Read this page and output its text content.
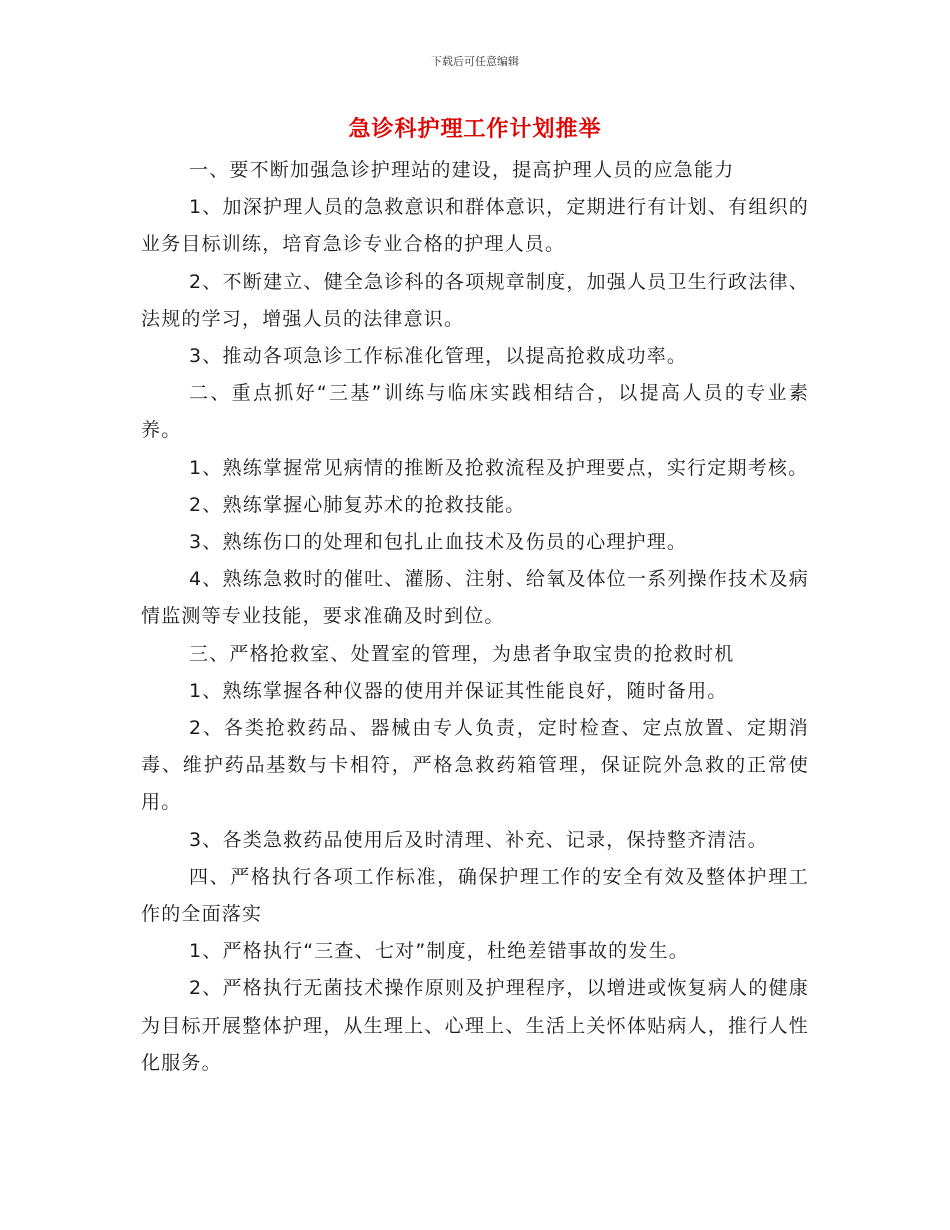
下载后可任意编辑
急诊科护理工作计划推举

一、要不断加强急诊护理站的建设，提高护理人员的应急能力

1、加深护理人员的急救意识和群体意识，定期进行有计划、有组织的业务目标训练，培育急诊专业合格的护理人员。

2、不断建立、健全急诊科的各项规章制度，加强人员卫生行政法律、法规的学习，增强人员的法律意识。

3、推动各项急诊工作标准化管理，以提高抢救成功率。

二、重点抓好“三基”训练与临床实践相结合，以提高人员的专业素养。

1、熟练掌握常见病情的推断及抢救流程及护理要点，实行定期考核。

2、熟练掌握心肺复苏术的抢救技能。

3、熟练伤口的处理和包扎止血技术及伤员的心理护理。

4、熟练急救时的催吐、灌肠、注射、给氧及体位一系列操作技术及病情监测等专业技能，要求准确及时到位。

三、严格抢救室、处置室的管理，为患者争取宝贵的抢救时机

1、熟练掌握各种仪器的使用并保证其性能良好，随时备用。

2、各类抢救药品、器械由专人负责，定时检查、定点放置、定期消毒、维护药品基数与卡相符，严格急救药箱管理，保证院外急救的正常使用。

3、各类急救药品使用后及时清理、补充、记录，保持整齐清洁。

四、严格执行各项工作标准，确保护理工作的安全有效及整体护理工作的全面落实

1、严格执行“三查、七对”制度，杜绝差错事故的发生。

2、严格执行无菌技术操作原则及护理程序，以增进或恢复病人的健康为目标开展整体护理，从生理上、心理上、生活上关怀体贴病人，推行人性化服务。
